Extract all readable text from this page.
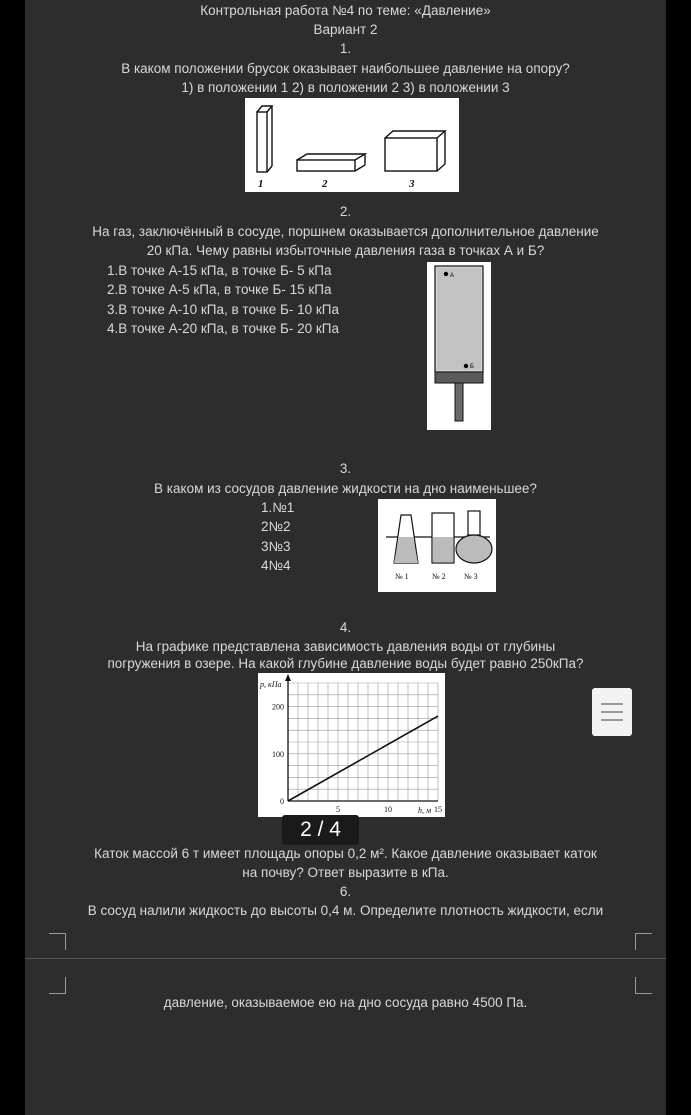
Контрольная работа №4 по теме: «Давление»
Вариант 2
1.
В каком положении брусок оказывает наибольшее давление на опору?
1) в положении 1 2) в положении 2 3) в положении 3
1	2	3
2.
На газ, заключённый в сосуде, поршнем оказывается дополнительное давление
20 кПа. Чему равны избыточные давления газа в точках А и Б?
1.В точке А-15 кПа, в точке Б- 5 кПа
2.В точке А-5 кПа, в точке Б- 15 кПа
3.В точке А-10 кПа, в точке Б- 10 кПа
4.В точке А-20 кПа, в точке Б- 20 кПа
А
Б
3.
В каком из сосудов давление жидкости на дно наименьшее?
1.№1
2№2
3№3
4№4
№ 1	№ 2 № 3
4.
На графике представлена зависимость давления воды от глубины
погружения в озере. На какой глубине давление воды будет равно 250кПа?
p, кПа
h, м
0
100
200
5	10	15
Каток массой 6 т имеет площадь опоры 0,2 м². Какое давление оказывает каток
на почву? Ответ выразите в кПа.
6.
В сосуд налили жидкость до высоты 0,4 м. Определите плотность жидкости, если
давление, оказываемое ею на дно сосуда равно 4500 Па.
2 / 4
